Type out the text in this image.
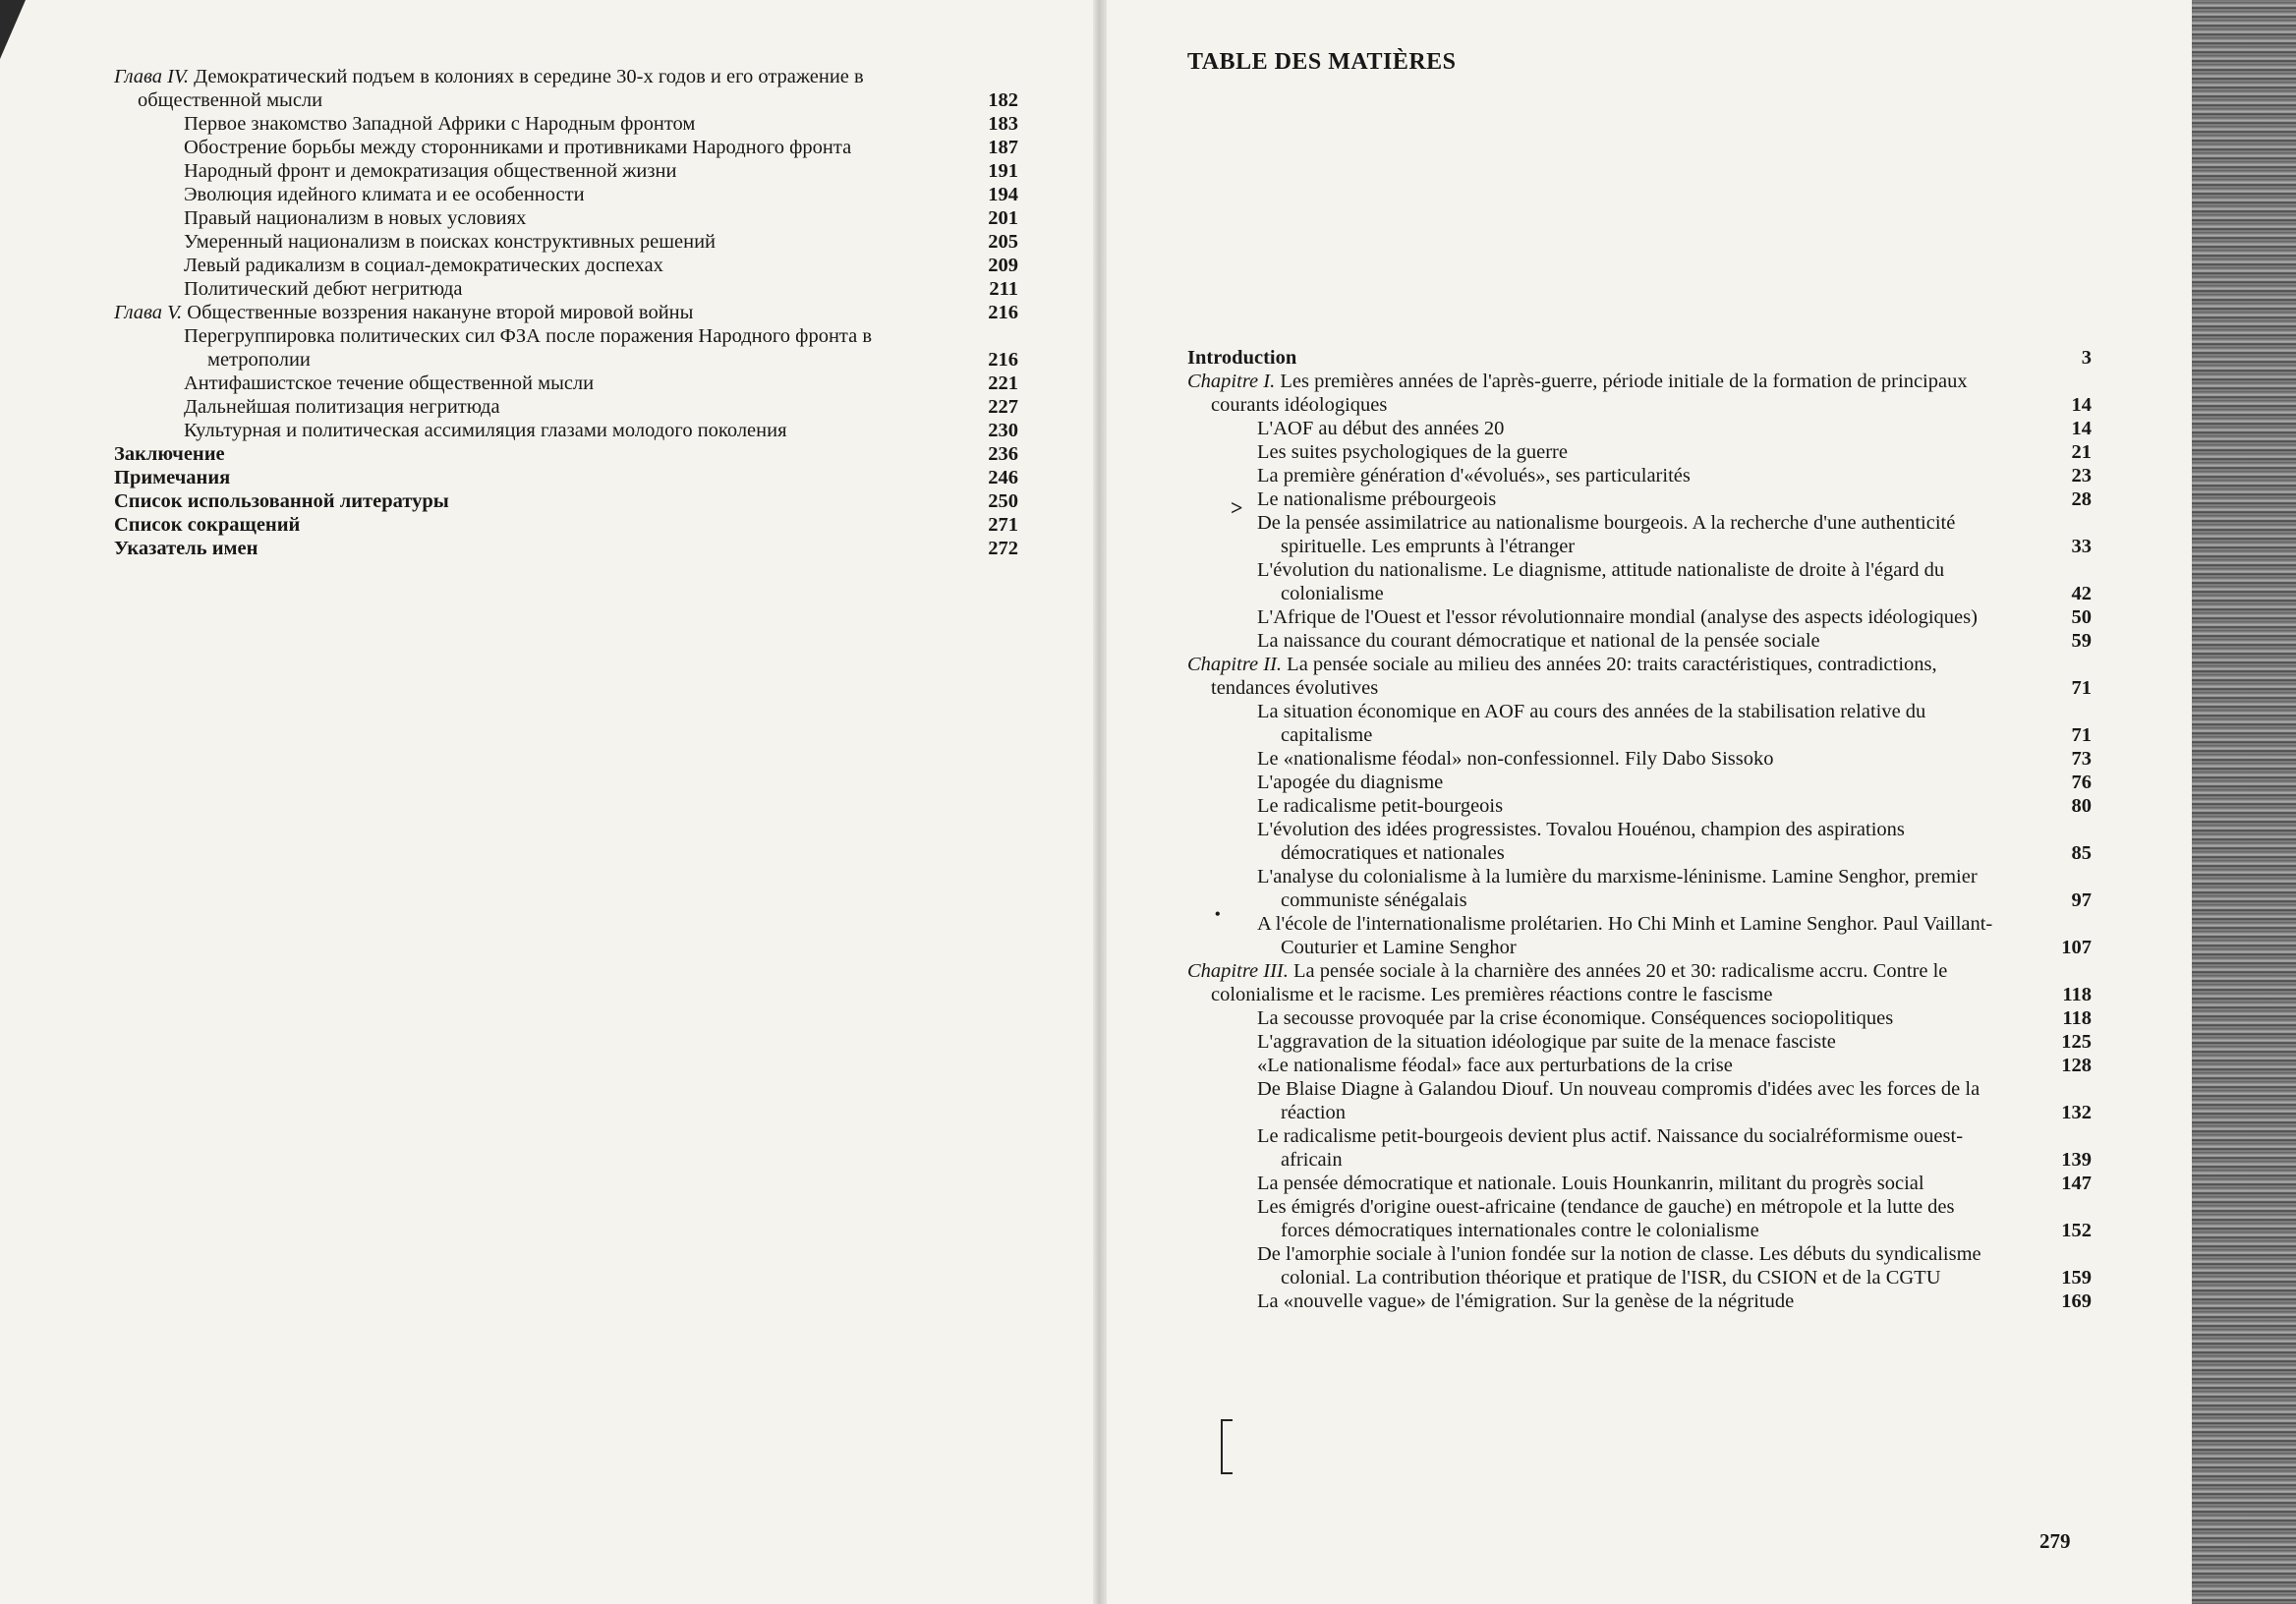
Глава IV. Демократический подъем в колониях в середине 30-х годов и его отражение в общественной мысли	182
Первое знакомство Западной Африки с Народным фронтом	183
Обострение борьбы между сторонниками и противниками Народного фронта	187
Народный фронт и демократизация общественной жизни	191
Эволюция идейного климата и ее особенности	194
Правый национализм в новых условиях	201
Умеренный национализм в поисках конструктивных решений	205
Левый радикализм в социал-демократических доспехах	209
Политический дебют негритюда	211
Глава V. Общественные воззрения накануне второй мировой войны	216
Перегруппировка политических сил ФЗА после поражения Народного фронта в метрополии	216
Антифашистское течение общественной мысли	221
Дальнейшая политизация негритюда	227
Культурная и политическая ассимиляция глазами молодого поколения	230
Заключение	236
Примечания	246
Список использованной литературы	250
Список сокращений	271
Указатель имен	272
TABLE DES MATIÈRES
Introduction	3
Chapitre I. Les premières années de l'après-guerre, période initiale de la formation de principaux courants idéologiques	14
L'AOF au début des années 20	14
Les suites psychologiques de la guerre	21
La première génération d'«évolués», ses particularités	23
Le nationalisme prébourgeois	28
De la pensée assimilatrice au nationalisme bourgeois. A la recherche d'une authenticité spirituelle. Les emprunts à l'étranger	33
L'évolution du nationalisme. Le diagnisme, attitude nationaliste de droite à l'égard du colonialisme	42
L'Afrique de l'Ouest et l'essor révolutionnaire mondial (analyse des aspects idéologiques)	50
La naissance du courant démocratique et national de la pensée sociale	59
Chapitre II. La pensée sociale au milieu des années 20: traits caractéristiques, contradictions, tendances évolutives	71
La situation économique en AOF au cours des années de la stabilisation relative du capitalisme	71
Le «nationalisme féodal» non-confessionnel. Fily Dabo Sissoko	73
L'apogée du diagnisme	76
Le radicalisme petit-bourgeois	80
L'évolution des idées progressistes. Tovalou Houénou, champion des aspirations démocratiques et nationales	85
L'analyse du colonialisme à la lumière du marxisme-léninisme. Lamine Senghor, premier communiste sénégalais	97
A l'école de l'internationalisme prolétarien. Ho Chi Minh et Lamine Senghor. Paul Vaillant-Couturier et Lamine Senghor	107
Chapitre III. La pensée sociale à la charnière des années 20 et 30: radicalisme accru. Contre le colonialisme et le racisme. Les premières réactions contre le fascisme	118
La secousse provoquée par la crise économique. Conséquences sociopolitiques	118
L'aggravation de la situation idéologique par suite de la menace fasciste	125
«Le nationalisme féodal» face aux perturbations de la crise	128
De Blaise Diagne à Galandou Diouf. Un nouveau compromis d'idées avec les forces de la réaction	132
Le radicalisme petit-bourgeois devient plus actif. Naissance du socialréformisme ouest-africain	139
La pensée démocratique et nationale. Louis Hounkanrin, militant du progrès social	147
Les émigrés d'origine ouest-africaine (tendance de gauche) en métropole et la lutte des forces démocratiques internationales contre le colonialisme	152
De l'amorphie sociale à l'union fondée sur la notion de classe. Les débuts du syndicalisme colonial. La contribution théorique et pratique de l'ISR, du CSION et de la CGTU	159
La «nouvelle vague» de l'émigration. Sur la genèse de la négritude	169
>
•
279
